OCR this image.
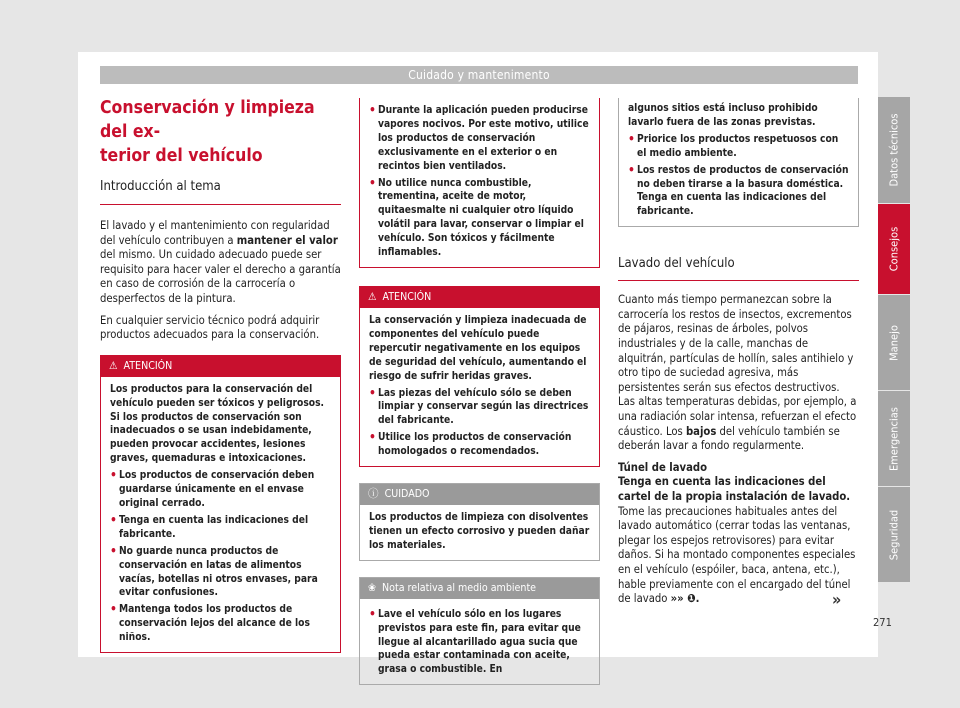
Cuidado y mantenimento
Conservación y limpieza del ex-
terior del vehículo
Introducción al tema

El lavado y el mantenimiento con regularidad del vehículo contribuyen a mantener el valor del mismo. Un cuidado adecuado puede ser requisito para hacer valer el derecho a garantía en caso de corrosión de la carrocería o desperfectos de la pintura.

En cualquier servicio técnico podrá adquirir productos adecuados para la conservación.

⚠ ATENCIÓN

Los productos para la conservación del vehículo pueden ser tóxicos y peligrosos. Si los productos de conservación son inadecuados o se usan indebidamente, pueden provocar accidentes, lesiones graves, quemaduras e intoxicaciones.

• Los productos de conservación deben guardarse únicamente en el envase original cerrado.

• Tenga en cuenta las indicaciones del fabricante.

• No guarde nunca productos de conservación en latas de alimentos vacías, botellas ni otros envases, para evitar confusiones.

• Mantenga todos los productos de conservación lejos del alcance de los niños.

• Durante la aplicación pueden producirse vapores nocivos. Por este motivo, utilice los productos de conservación exclusivamente en el exterior o en recintos bien ventilados.

• No utilice nunca combustible, trementina, aceite de motor, quitaesmalte ni cualquier otro líquido volátil para lavar, conservar o limpiar el vehículo. Son tóxicos y fácilmente inflamables.

⚠ ATENCIÓN

La conservación y limpieza inadecuada de componentes del vehículo puede repercutir negativamente en los equipos de seguridad del vehículo, aumentando el riesgo de sufrir heridas graves.

• Las piezas del vehículo sólo se deben limpiar y conservar según las directrices del fabricante.

• Utilice los productos de conservación homologados o recomendados.

ⓘ CUIDADO

Los productos de limpieza con disolventes tienen un efecto corrosivo y pueden dañar los materiales.

❀ Nota relativa al medio ambiente

• Lave el vehículo sólo en los lugares previstos para este fin, para evitar que llegue al alcantarillado agua sucia que pueda estar contaminada con aceite, grasa o combustible. En

algunos sitios está incluso prohibido lavarlo fuera de las zonas previstas.

• Priorice los productos respetuosos con el medio ambiente.

• Los restos de productos de conservación no deben tirarse a la basura doméstica. Tenga en cuenta las indicaciones del fabricante.

Lavado del vehículo

Cuanto más tiempo permanezcan sobre la carrocería los restos de insectos, excrementos de pájaros, resinas de árboles, polvos industriales y de la calle, manchas de alquitrán, partículas de hollín, sales antihielo y otro tipo de suciedad agresiva, más persistentes serán sus efectos destructivos. Las altas temperaturas debidas, por ejemplo, a una radiación solar intensa, refuerzan el efecto cáustico. Los bajos del vehículo también se deberán lavar a fondo regularmente.

Túnel de lavado

Tenga en cuenta las indicaciones del cartel de la propia instalación de lavado. Tome las precauciones habituales antes del lavado automático (cerrar todas las ventanas, plegar los espejos retrovisores) para evitar daños. Si ha montado componentes especiales en el vehículo (espóiler, baca, antena, etc.), hable previamente con el encargado del túnel de lavado »» ❶.	»
Datos técnicos
Consejos
Manejo
Emergencias
Seguridad
271
